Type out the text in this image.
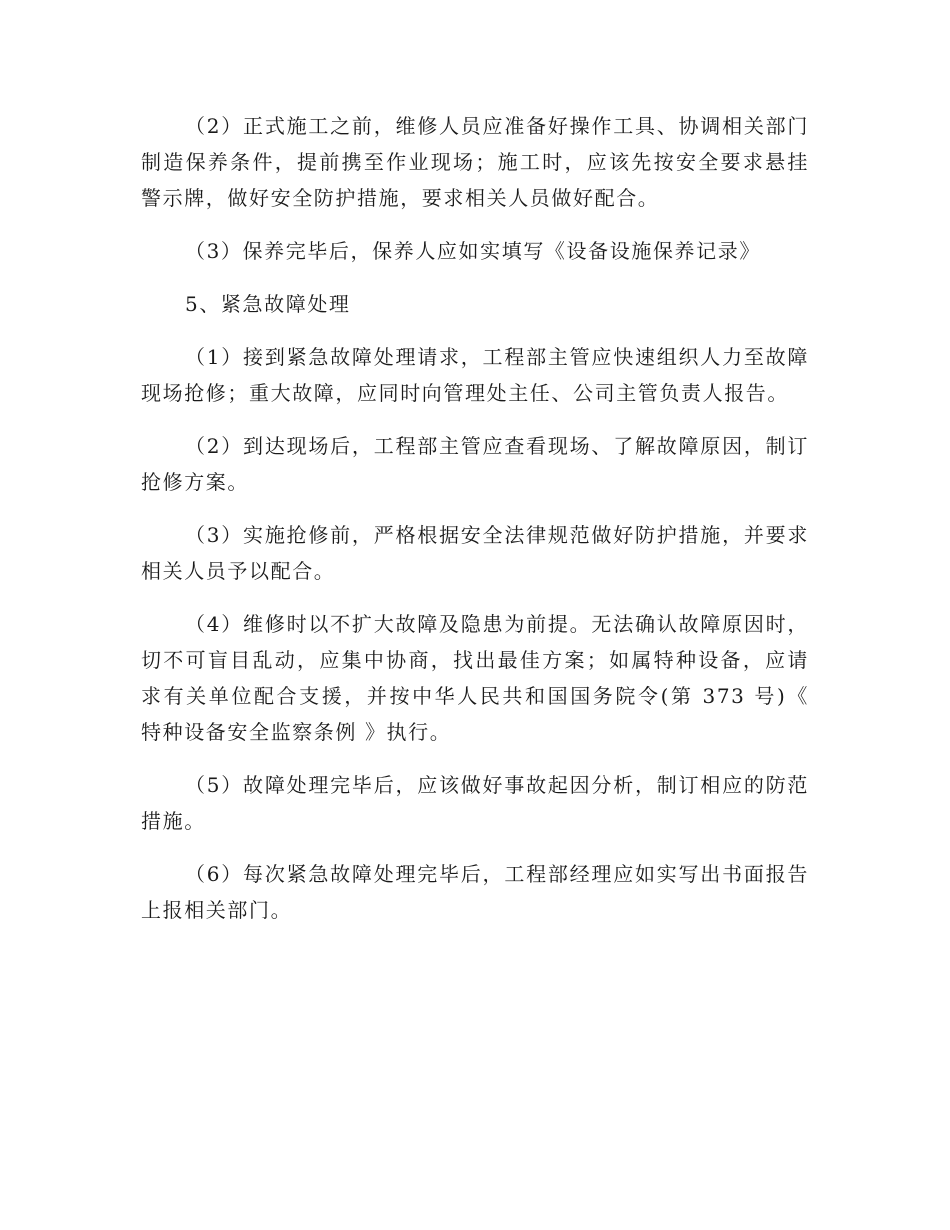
（2）正式施工之前，维修人员应准备好操作工具、协调相关部门制造保养条件，提前携至作业现场；施工时，应该先按安全要求悬挂警示牌，做好安全防护措施，要求相关人员做好配合。

（3）保养完毕后，保养人应如实填写《设备设施保养记录》

5、紧急故障处理

（1）接到紧急故障处理请求，工程部主管应快速组织人力至故障现场抢修；重大故障，应同时向管理处主任、公司主管负责人报告。

（2）到达现场后，工程部主管应查看现场、了解故障原因，制订抢修方案。

（3）实施抢修前，严格根据安全法律规范做好防护措施，并要求相关人员予以配合。

（4）维修时以不扩大故障及隐患为前提。无法确认故障原因时，切不可盲目乱动，应集中协商，找出最佳方案；如属特种设备，应请求有关单位配合支援，并按中华人民共和国国务院令(第 373 号)《 特种设备安全监察条例 》执行。

（5）故障处理完毕后，应该做好事故起因分析，制订相应的防范措施。

（6）每次紧急故障处理完毕后，工程部经理应如实写出书面报告上报相关部门。
